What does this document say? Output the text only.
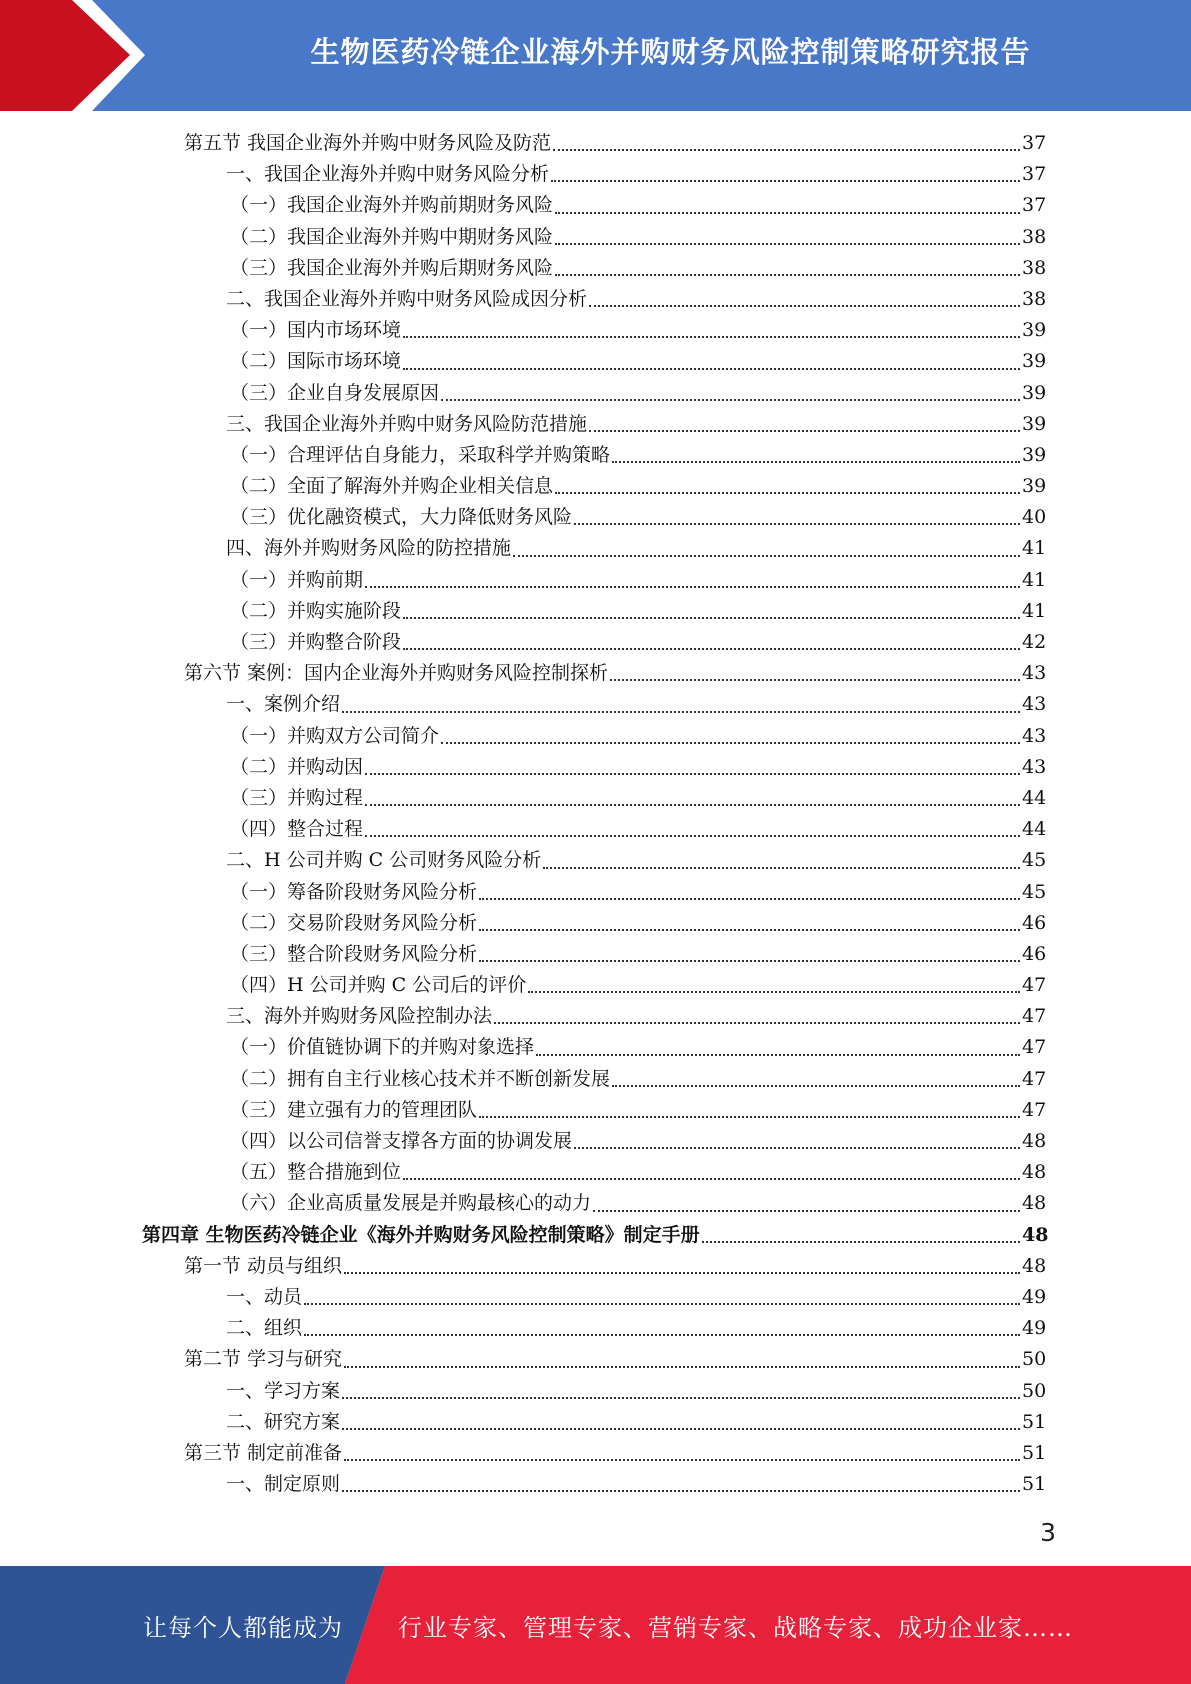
生物医药冷链企业海外并购财务风险控制策略研究报告
第五节 我国企业海外并购中财务风险及防范	37
一、我国企业海外并购中财务风险分析	37
（一）我国企业海外并购前期财务风险	37
（二）我国企业海外并购中期财务风险	38
（三）我国企业海外并购后期财务风险	38
二、我国企业海外并购中财务风险成因分析	38
（一）国内市场环境	39
（二）国际市场环境	39
（三）企业自身发展原因	39
三、我国企业海外并购中财务风险防范措施	39
（一）合理评估自身能力，采取科学并购策略	39
（二）全面了解海外并购企业相关信息	39
（三）优化融资模式，大力降低财务风险	40
四、海外并购财务风险的防控措施	41
（一）并购前期	41
（二）并购实施阶段	41
（三）并购整合阶段	42
第六节 案例：国内企业海外并购财务风险控制探析	43
一、案例介绍	43
（一）并购双方公司简介	43
（二）并购动因	43
（三）并购过程	44
（四）整合过程	44
二、H 公司并购 C 公司财务风险分析	45
（一）筹备阶段财务风险分析	45
（二）交易阶段财务风险分析	46
（三）整合阶段财务风险分析	46
（四）H 公司并购 C 公司后的评价	47
三、海外并购财务风险控制办法	47
（一）价值链协调下的并购对象选择	47
（二）拥有自主行业核心技术并不断创新发展	47
（三）建立强有力的管理团队	47
（四）以公司信誉支撑各方面的协调发展	48
（五）整合措施到位	48
（六）企业高质量发展是并购最核心的动力	48
第四章 生物医药冷链企业《海外并购财务风险控制策略》制定手册	48
第一节 动员与组织	48
一、动员	49
二、组织	49
第二节 学习与研究	50
一、学习方案	50
二、研究方案	51
第三节 制定前准备	51
一、制定原则	51
3
让每个人都能成为 行业专家、管理专家、营销专家、战略专家、成功企业家……
